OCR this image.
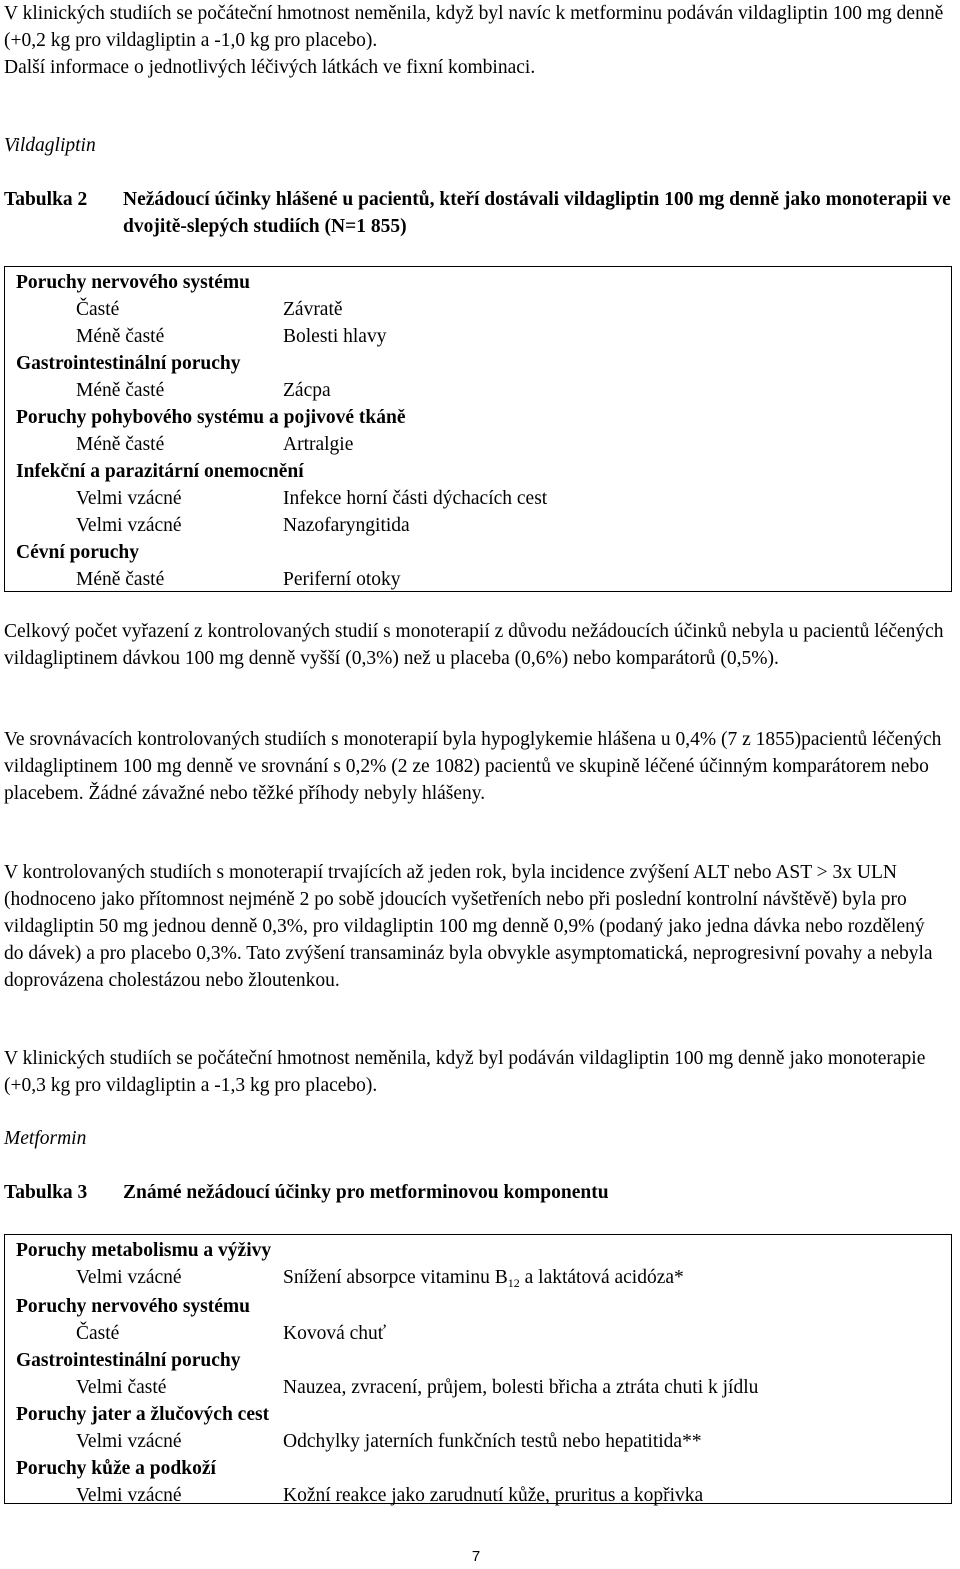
V klinických studiích se počáteční hmotnost neměnila, když byl navíc k metforminu podáván vildagliptin 100 mg denně (+0,2 kg pro vildagliptin a -1,0 kg pro placebo).

Další informace o jednotlivých léčivých látkách ve fixní kombinaci.

Vildagliptin

Tabulka 2	Nežádoucí účinky hlášené u pacientů, kteří dostávali vildagliptin 100 mg denně jako monoterapii ve dvojitě-slepých studiích (N=1 855)
Poruchy nervového systému
Časté	Závratě
Méně časté	Bolesti hlavy
Gastrointestinální poruchy
Méně časté	Zácpa
Poruchy pohybového systému a pojivové tkáně
Méně časté	Artralgie
Infekční a parazitární onemocnění
Velmi vzácné	Infekce horní části dýchacích cest
Velmi vzácné	Nazofaryngitida
Cévní poruchy
Méně časté	Periferní otoky

Celkový počet vyřazení z kontrolovaných studií s monoterapií z důvodu nežádoucích účinků nebyla u pacientů léčených vildagliptinem dávkou 100 mg denně vyšší (0,3%) než u placeba (0,6%) nebo komparátorů (0,5%).

Ve srovnávacích kontrolovaných studiích s monoterapií byla hypoglykemie hlášena u 0,4% (7 z 1855)pacientů léčených vildagliptinem 100 mg denně ve srovnání s 0,2% (2 ze 1082) pacientů ve skupině léčené účinným komparátorem nebo placebem. Žádné závažné nebo těžké příhody nebyly hlášeny.

V kontrolovaných studiích s monoterapií trvajících až jeden rok, byla incidence zvýšení ALT nebo AST > 3x ULN (hodnoceno jako přítomnost nejméně 2 po sobě jdoucích vyšetřeních nebo při poslední kontrolní návštěvě) byla pro vildagliptin 50 mg jednou denně 0,3%, pro vildagliptin 100 mg denně 0,9% (podaný jako jedna dávka nebo rozdělený do dávek) a pro placebo 0,3%. Tato zvýšení transamináz byla obvykle asymptomatická, neprogresivní povahy a nebyla doprovázena cholestázou nebo žloutenkou.

V klinických studiích se počáteční hmotnost neměnila, když byl podáván vildagliptin 100 mg denně jako monoterapie (+0,3 kg pro vildagliptin a -1,3 kg pro placebo).

Metformin

Tabulka 3	Známé nežádoucí účinky pro metforminovou komponentu
Poruchy metabolismu a výživy
Velmi vzácné	Snížení absorpce vitaminu $B_{12}$ a laktátová acidóza*
Poruchy nervového systému
Časté	Kovová chuť
Gastrointestinální poruchy
Velmi časté	Nauzea, zvracení, průjem, bolesti břicha a ztráta chuti k jídlu
Poruchy jater a žlučových cest
Velmi vzácné	Odchylky jaterních funkčních testů nebo hepatitida**
Poruchy kůže a podkoží
Velmi vzácné	Kožní reakce jako zarudnutí kůže, pruritus a kopřivka
7
